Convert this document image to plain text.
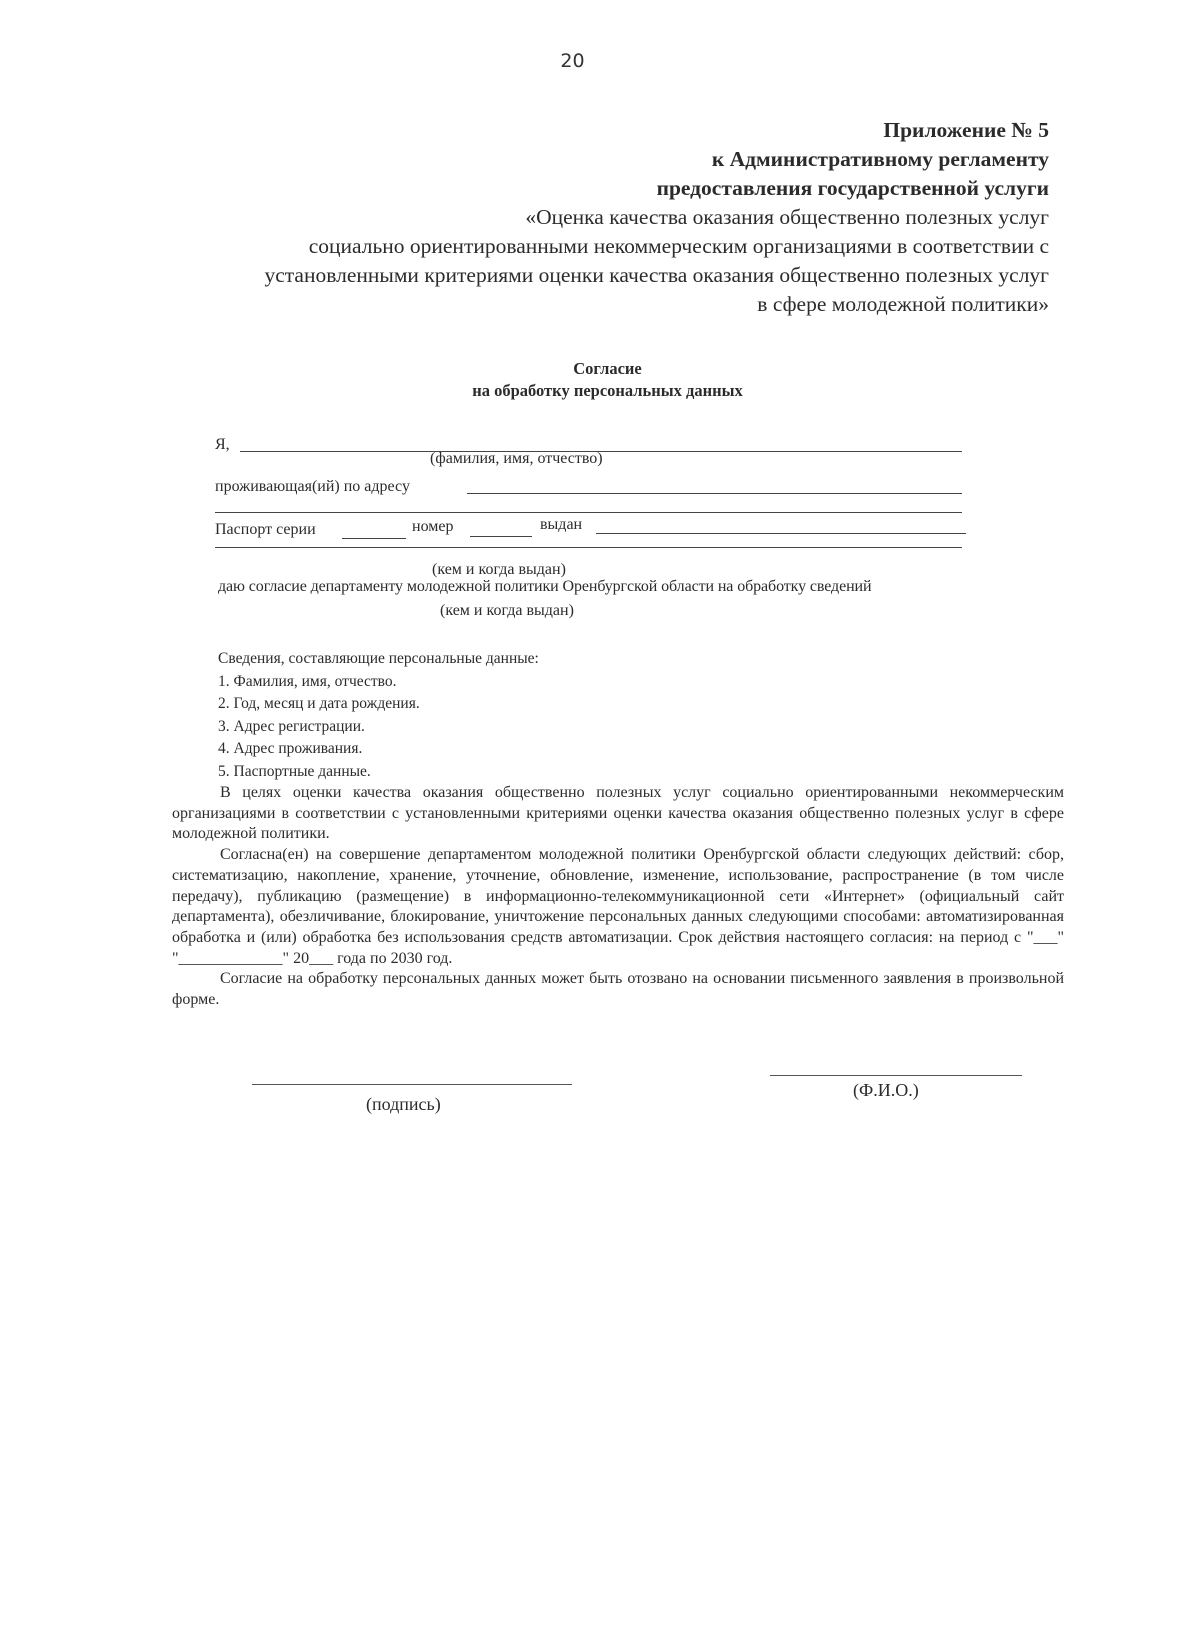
20
Приложение № 5
к Административному регламенту
предоставления государственной услуги
«Оценка качества оказания общественно полезных услуг
социально ориентированными некоммерческим организациями в соответствии с
установленными критериями оценки качества оказания общественно полезных услуг
в сфере молодежной политики»
Согласие
на обработку персональных данных
Я,
(фамилия, имя, отчество)
проживающая(ий) по адресу
Паспорт серии	номер	выдан
(кем и когда выдан)
даю согласие департаменту молодежной политики Оренбургской области на обработку сведений
(кем и когда выдан)
Сведения, составляющие персональные данные:
1. Фамилия, имя, отчество.
2. Год, месяц и дата рождения.
3. Адрес регистрации.
4. Адрес проживания.
5. Паспортные данные.

В целях оценки качества оказания общественно полезных услуг социально ориентированными некоммерческим организациями в соответствии с установленными критериями оценки качества оказания общественно полезных услуг в сфере молодежной политики.

Согласна(ен) на совершение департаментом молодежной политики Оренбургской области следующих действий: сбор, систематизацию, накопление, хранение, уточнение, обновление, изменение, использование, распространение (в том числе передачу), публикацию (размещение) в информационно-телекоммуникационной сети «Интернет» (официальный сайт департамента), обезличивание, блокирование, уничтожение персональных данных следующими способами: автоматизированная обработка и (или) обработка без использования средств автоматизации. Срок действия настоящего согласия: на период с "___" "_____________" 20___ года по 2030 год.

Согласие на обработку персональных данных может быть отозвано на основании письменного заявления в произвольной форме.

(подпись)
(Ф.И.О.)
